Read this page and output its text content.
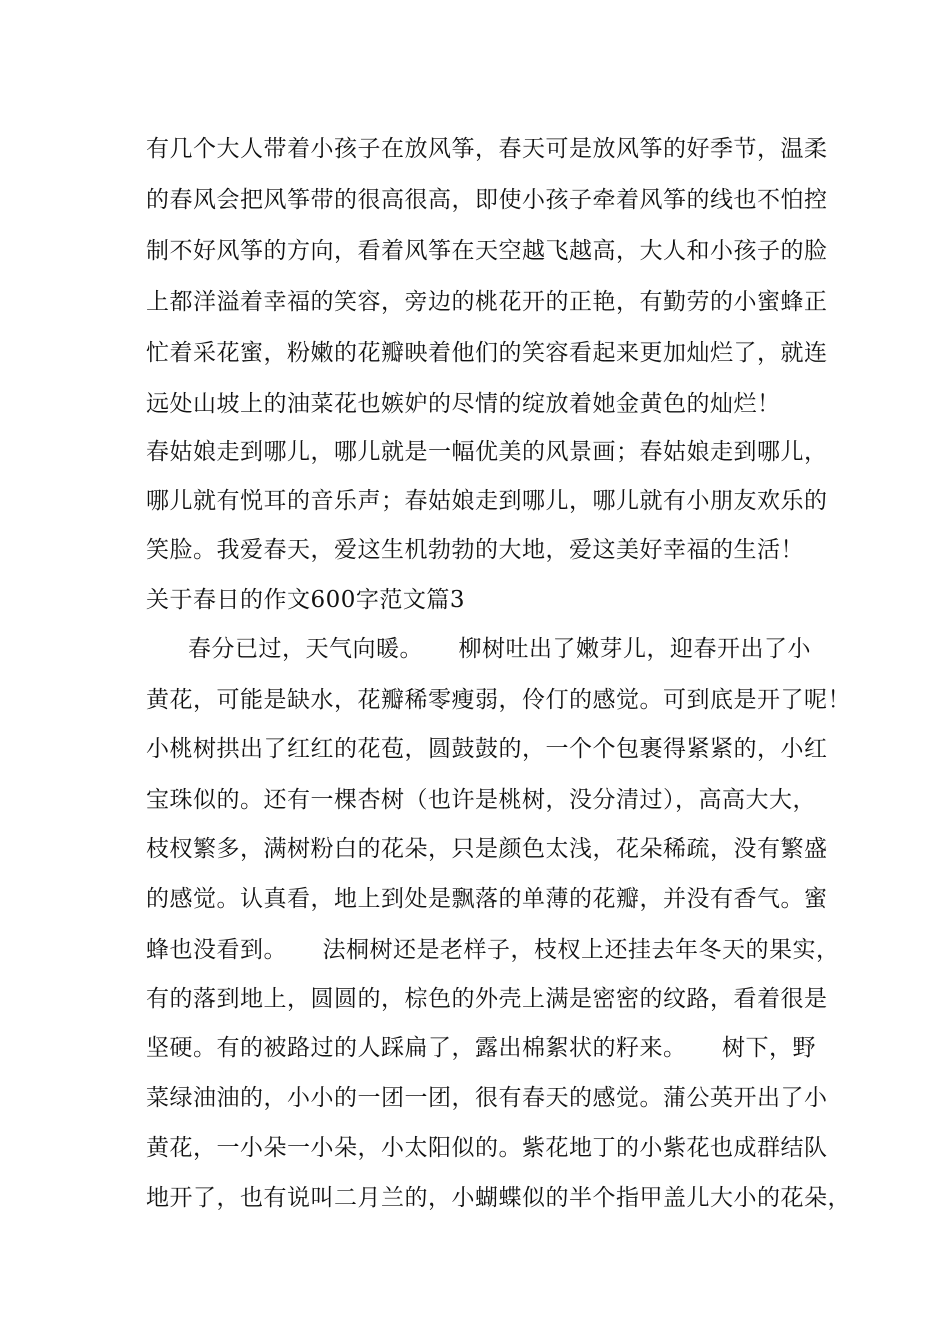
有几个大人带着小孩子在放风筝，春天可是放风筝的好季节，温柔
的春风会把风筝带的很高很高，即使小孩子牵着风筝的线也不怕控
制不好风筝的方向，看着风筝在天空越飞越高，大人和小孩子的脸
上都洋溢着幸福的笑容，旁边的桃花开的正艳，有勤劳的小蜜蜂正
忙着采花蜜，粉嫩的花瓣映着他们的笑容看起来更加灿烂了，就连
远处山坡上的油菜花也嫉妒的尽情的绽放着她金黄色的灿烂！
春姑娘走到哪儿，哪儿就是一幅优美的风景画；春姑娘走到哪儿，
哪儿就有悦耳的音乐声；春姑娘走到哪儿，哪儿就有小朋友欢乐的
笑脸。我爱春天，爱这生机勃勃的大地，爱这美好幸福的生活！
关于春日的作文600字范文篇3
春分已过，天气向暖。　　柳树吐出了嫩芽儿，迎春开出了小
黄花，可能是缺水，花瓣稀零瘦弱，伶仃的感觉。可到底是开了呢！
小桃树拱出了红红的花苞，圆鼓鼓的，一个个包裹得紧紧的，小红
宝珠似的。还有一棵杏树（也许是桃树，没分清过），高高大大，
枝杈繁多，满树粉白的花朵，只是颜色太浅，花朵稀疏，没有繁盛
的感觉。认真看，地上到处是飘落的单薄的花瓣，并没有香气。蜜
蜂也没看到。　　法桐树还是老样子，枝杈上还挂去年冬天的果实，
有的落到地上，圆圆的，棕色的外壳上满是密密的纹路，看着很是
坚硬。有的被路过的人踩扁了，露出棉絮状的籽来。　　树下，野
菜绿油油的，小小的一团一团，很有春天的感觉。蒲公英开出了小
黄花，一小朵一小朵，小太阳似的。紫花地丁的小紫花也成群结队
地开了，也有说叫二月兰的，小蝴蝶似的半个指甲盖儿大小的花朵，
